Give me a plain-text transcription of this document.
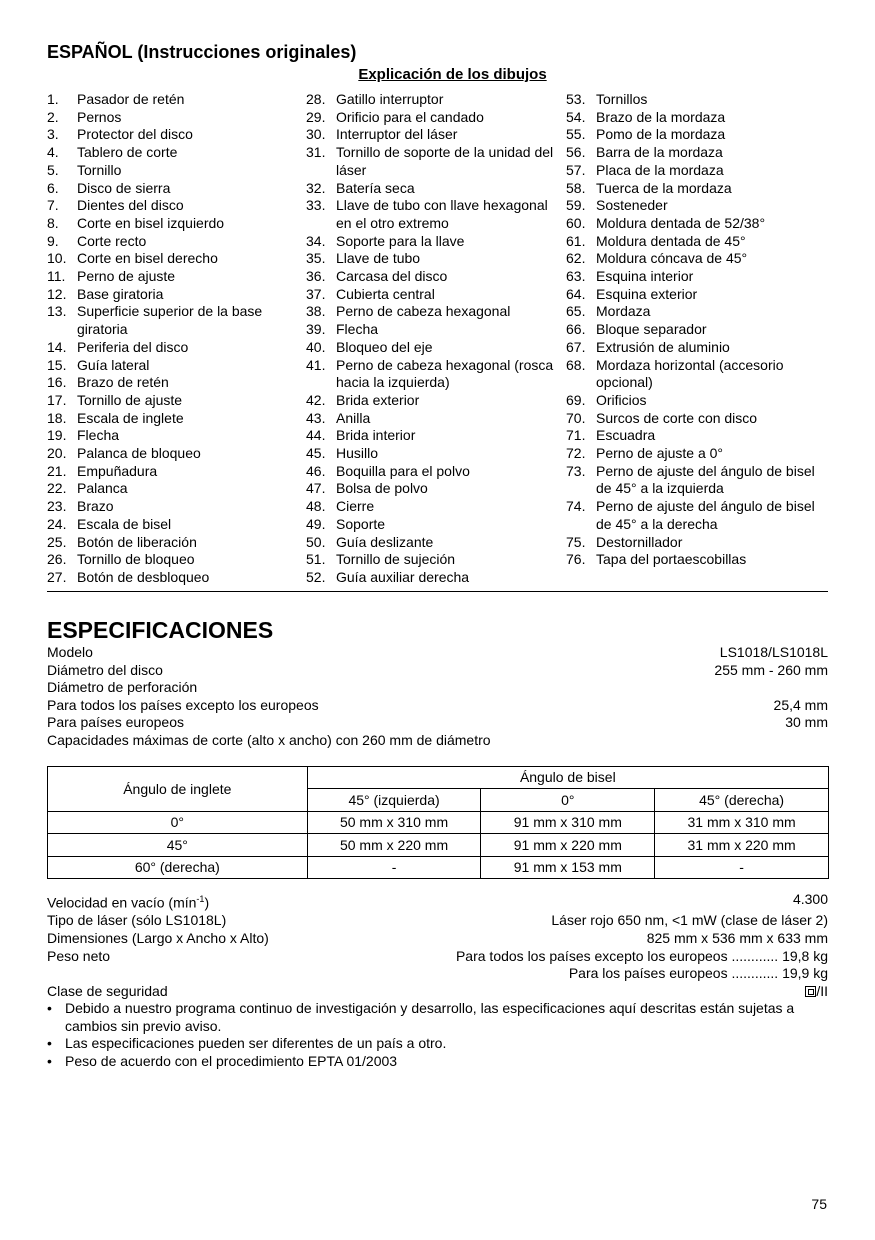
ESPAÑOL (Instrucciones originales)
Explicación de los dibujos
1.	Pasador de retén
2.	Pernos
3.	Protector del disco
4.	Tablero de corte
5.	Tornillo
6.	Disco de sierra
7.	Dientes del disco
8.	Corte en bisel izquierdo
9.	Corte recto
10. Corte en bisel derecho
11. Perno de ajuste
12. Base giratoria
13. Superficie superior de la base giratoria
14. Periferia del disco
15. Guía lateral
16. Brazo de retén
17. Tornillo de ajuste
18. Escala de inglete
19. Flecha
20. Palanca de bloqueo
21. Empuñadura
22. Palanca
23. Brazo
24. Escala de bisel
25. Botón de liberación
26. Tornillo de bloqueo
27. Botón de desbloqueo
28. Gatillo interruptor
29. Orificio para el candado
30. Interruptor del láser
31. Tornillo de soporte de la unidad del láser
32. Batería seca
33. Llave de tubo con llave hexagonal en el otro extremo
34. Soporte para la llave
35. Llave de tubo
36. Carcasa del disco
37. Cubierta central
38. Perno de cabeza hexagonal
39. Flecha
40. Bloqueo del eje
41. Perno de cabeza hexagonal (rosca hacia la izquierda)
42. Brida exterior
43. Anilla
44. Brida interior
45. Husillo
46. Boquilla para el polvo
47. Bolsa de polvo
48. Cierre
49. Soporte
50. Guía deslizante
51. Tornillo de sujeción
52. Guía auxiliar derecha
53. Tornillos
54. Brazo de la mordaza
55. Pomo de la mordaza
56. Barra de la mordaza
57. Placa de la mordaza
58. Tuerca de la mordaza
59. Sosteneder
60. Moldura dentada de 52/38°
61. Moldura dentada de 45°
62. Moldura cóncava de 45°
63. Esquina interior
64. Esquina exterior
65. Mordaza
66. Bloque separador
67. Extrusión de aluminio
68. Mordaza horizontal (accesorio opcional)
69. Orificios
70. Surcos de corte con disco
71. Escuadra
72. Perno de ajuste a 0°
73. Perno de ajuste del ángulo de bisel de 45° a la izquierda
74. Perno de ajuste del ángulo de bisel de 45° a la derecha
75. Destornillador
76. Tapa del portaescobillas
ESPECIFICACIONES
Modelo	LS1018/LS1018L
Diámetro del disco	255 mm - 260 mm
Diámetro de perforación
Para todos los países excepto los europeos	25,4 mm
Para países europeos	30 mm
Capacidades máximas de corte (alto x ancho) con 260 mm de diámetro
Ángulo de inglete	Ángulo de bisel		
	45° (izquierda)	0°	45° (derecha)
0°	50 mm x 310 mm	91 mm x 310 mm	31 mm x 310 mm
45°	50 mm x 220 mm	91 mm x 220 mm	31 mm x 220 mm
60° (derecha)	-	91 mm x 153 mm	-
Velocidad en vacío (mín$^{-1}$)	4.300
Tipo de láser (sólo LS1018L)	Láser rojo 650 nm, <1 mW (clase de láser 2)
Dimensiones (Largo x Ancho x Alto)	825 mm x 536 mm x 633 mm
Peso neto	Para todos los países excepto los europeos ............ 19,8 kg
Para los países europeos ............ 19,9 kg
Clase de seguridad	/II
• Debido a nuestro programa continuo de investigación y desarrollo, las especificaciones aquí descritas están sujetas a cambios sin previo aviso.
• Las especificaciones pueden ser diferentes de un país a otro.
• Peso de acuerdo con el procedimiento EPTA 01/2003
75
